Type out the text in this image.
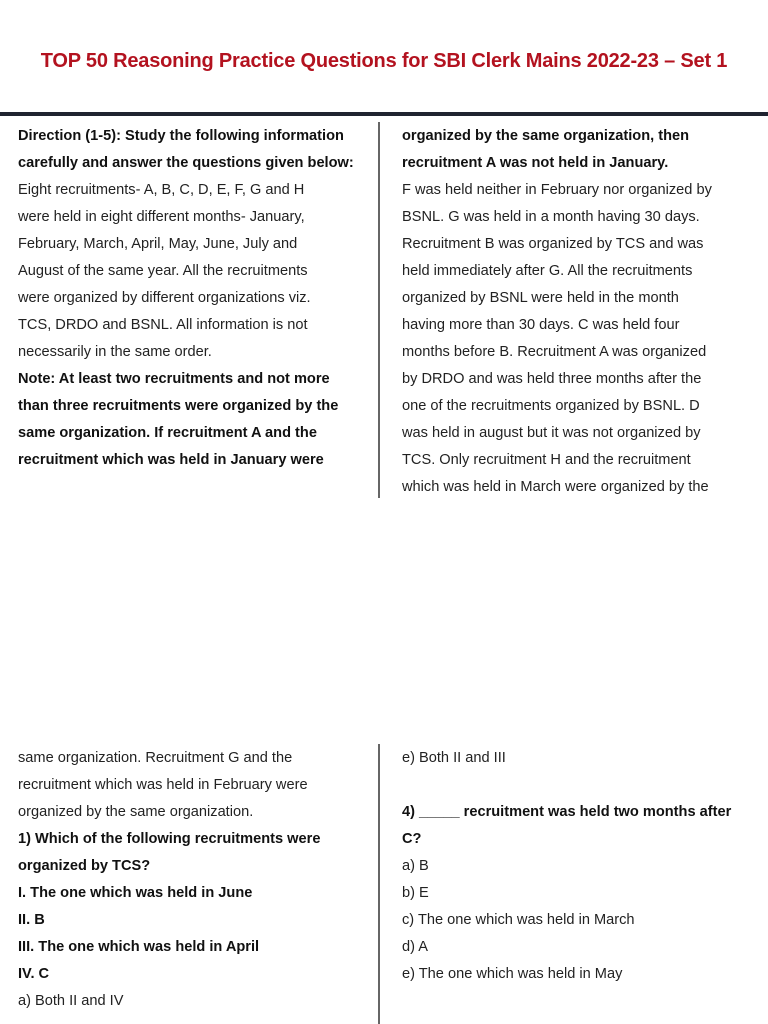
TOP 50 Reasoning Practice Questions for SBI Clerk Mains 2022-23 – Set 1
Direction (1-5): Study the following information
carefully and answer the questions given below:
Eight recruitments- A, B, C, D, E, F, G and H
were held in eight different months- January,
February, March, April, May, June, July and
August of the same year. All the recruitments
were organized by different organizations viz.
TCS, DRDO and BSNL. All information is not
necessarily in the same order.
Note: At least two recruitments and not more
than three recruitments were organized by the
same organization. If recruitment A and the
recruitment which was held in January were
organized by the same organization, then
recruitment A was not held in January.
F was held neither in February nor organized by
BSNL. G was held in a month having 30 days.
Recruitment B was organized by TCS and was
held immediately after G. All the recruitments
organized by BSNL were held in the month
having more than 30 days. C was held four
months before B. Recruitment A was organized
by DRDO and was held three months after the
one of the recruitments organized by BSNL. D
was held in august but it was not organized by
TCS. Only recruitment H and the recruitment
which was held in March were organized by the
same organization. Recruitment G and the
recruitment which was held in February were
organized by the same organization.
1) Which of the following recruitments were
organized by TCS?
I. The one which was held in June
II. B
III. The one which was held in April
IV. C
a) Both II and IV
e) Both II and III
4) _____ recruitment was held two months after
C?
a) B
b) E
c) The one which was held in March
d) A
e) The one which was held in May
